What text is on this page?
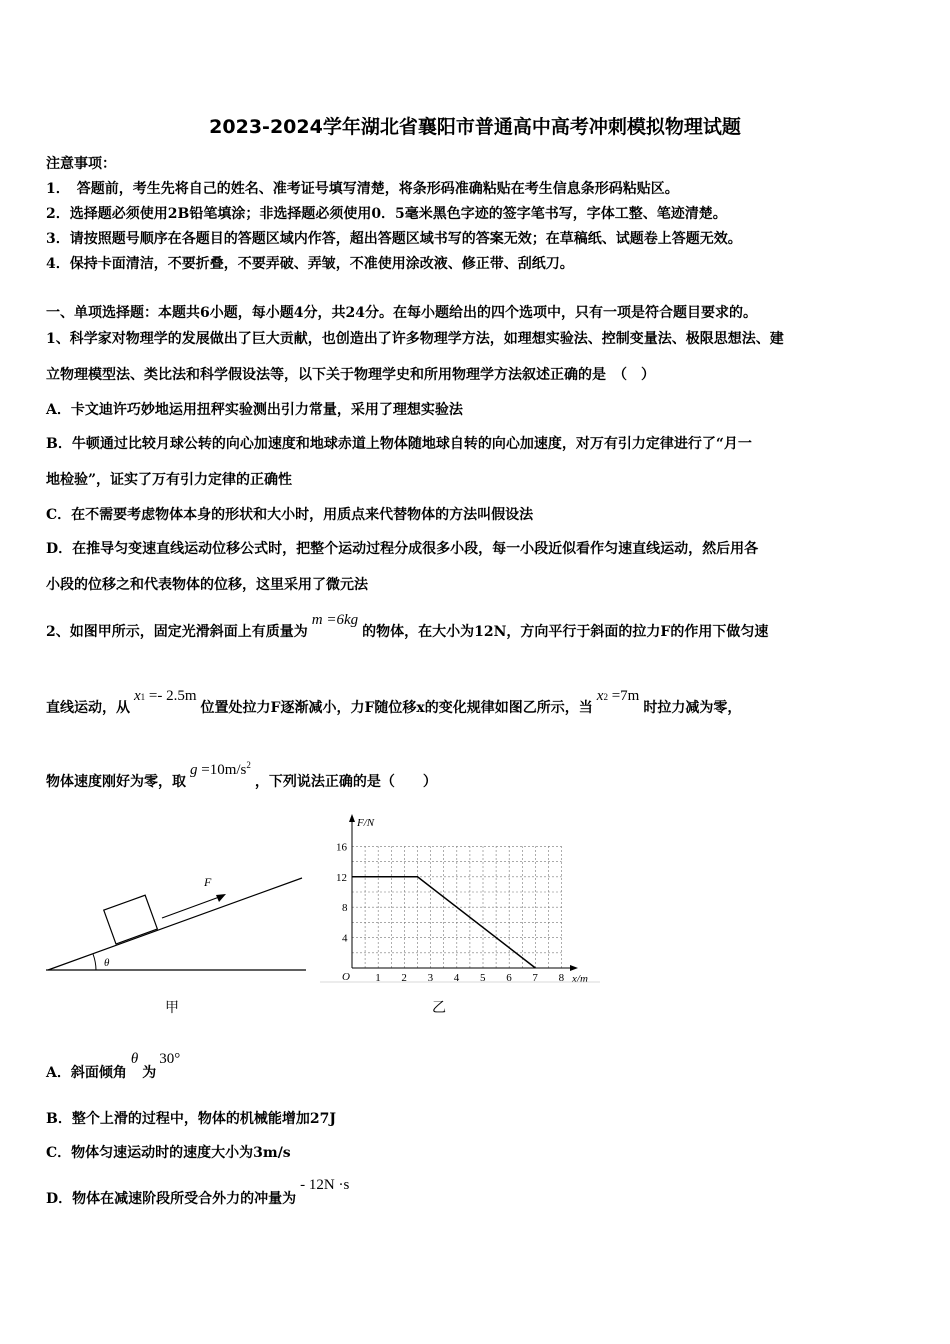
2023-2024学年湖北省襄阳市普通高中高考冲刺模拟物理试题
注意事项：
1．　答题前，考生先将自己的姓名、准考证号填写清楚，将条形码准确粘贴在考生信息条形码粘贴区。
2．选择题必须使用2B铅笔填涂；非选择题必须使用0．5毫米黑色字迹的签字笔书写，字体工整、笔迹清楚。
3．请按照题号顺序在各题目的答题区域内作答，超出答题区域书写的答案无效；在草稿纸、试题卷上答题无效。
4．保持卡面清洁，不要折叠，不要弄破、弄皱，不准使用涂改液、修正带、刮纸刀。
一、单项选择题：本题共6小题，每小题4分，共24分。在每小题给出的四个选项中，只有一项是符合题目要求的。
1、科学家对物理学的发展做出了巨大贡献，也创造出了许多物理学方法，如理想实验法、控制变量法、极限思想法、建
立物理模型法、类比法和科学假设法等，以下关于物理学史和所用物理学方法叙述正确的是　（　）
A．卡文迪许巧妙地运用扭秤实验测出引力常量，采用了理想实验法
B．牛顿通过比较月球公转的向心加速度和地球赤道上物体随地球自转的向心加速度，对万有引力定律进行了“月一
地检验”，证实了万有引力定律的正确性
C．在不需要考虑物体本身的形状和大小时，用质点来代替物体的方法叫假设法
D．在推导匀变速直线运动位移公式时，把整个运动过程分成很多小段，每一小段近似看作匀速直线运动，然后用各
小段的位移之和代表物体的位移，这里采用了微元法
2、如图甲所示，固定光滑斜面上有质量为m =6kg的物体，在大小为12N，方向平行于斜面的拉力F的作用下做匀速
直线运动，从x1 =- 2.5m位置处拉力F逐渐减小，力F随位移x的变化规律如图乙所示，当x2 =7m时拉力减为零，
物体速度刚好为零，取$g =10m/s^2$，下列说法正确的是（　　）
F
θ
甲
F/N
x/m
O 1 2 3 4 5 6 7 8
4
8
12
16
乙
A．斜面倾角θ为30°
B．整个上滑的过程中，物体的机械能增加27J
C．物体匀速运动时的速度大小为3m/s
D．物体在减速阶段所受合外力的冲量为- 12N ·s
